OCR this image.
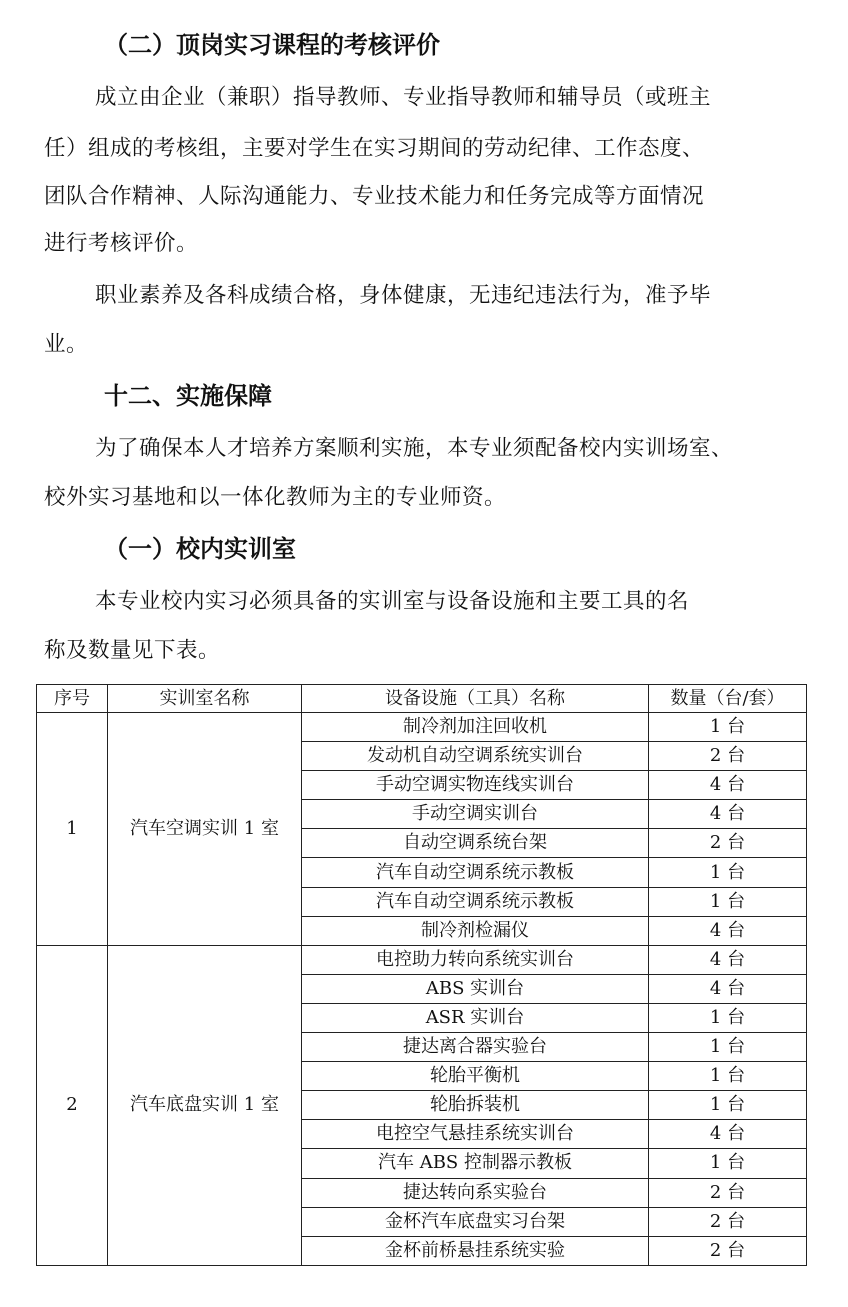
（二）顶岗实习课程的考核评价

成立由企业（兼职）指导教师、专业指导教师和辅导员（或班主

任）组成的考核组，主要对学生在实习期间的劳动纪律、工作态度、

团队合作精神、人际沟通能力、专业技术能力和任务完成等方面情况

进行考核评价。

职业素养及各科成绩合格，身体健康，无违纪违法行为，准予毕

业。

十二、实施保障

为了确保本人才培养方案顺利实施，本专业须配备校内实训场室、

校外实习基地和以一体化教师为主的专业师资。

（一）校内实训室

本专业校内实习必须具备的实训室与设备设施和主要工具的名

称及数量见下表。

序号	实训室名称	设备设施（工具）名称	数量（台/套）
1	汽车空调实训 1 室	制冷剂加注回收机	1 台
		发动机自动空调系统实训台	2 台
		手动空调实物连线实训台	4 台
		手动空调实训台	4 台
		自动空调系统台架	2 台
		汽车自动空调系统示教板	1 台
		汽车自动空调系统示教板	1 台
		制冷剂检漏仪	4 台
2	汽车底盘实训 1 室	电控助力转向系统实训台	4 台
		ABS 实训台	4 台
		ASR 实训台	1 台
		捷达离合器实验台	1 台
		轮胎平衡机	1 台
		轮胎拆装机	1 台
		电控空气悬挂系统实训台	4 台
		汽车 ABS 控制器示教板	1 台
		捷达转向系实验台	2 台
		金杯汽车底盘实习台架	2 台
		金杯前桥悬挂系统实验	2 台
